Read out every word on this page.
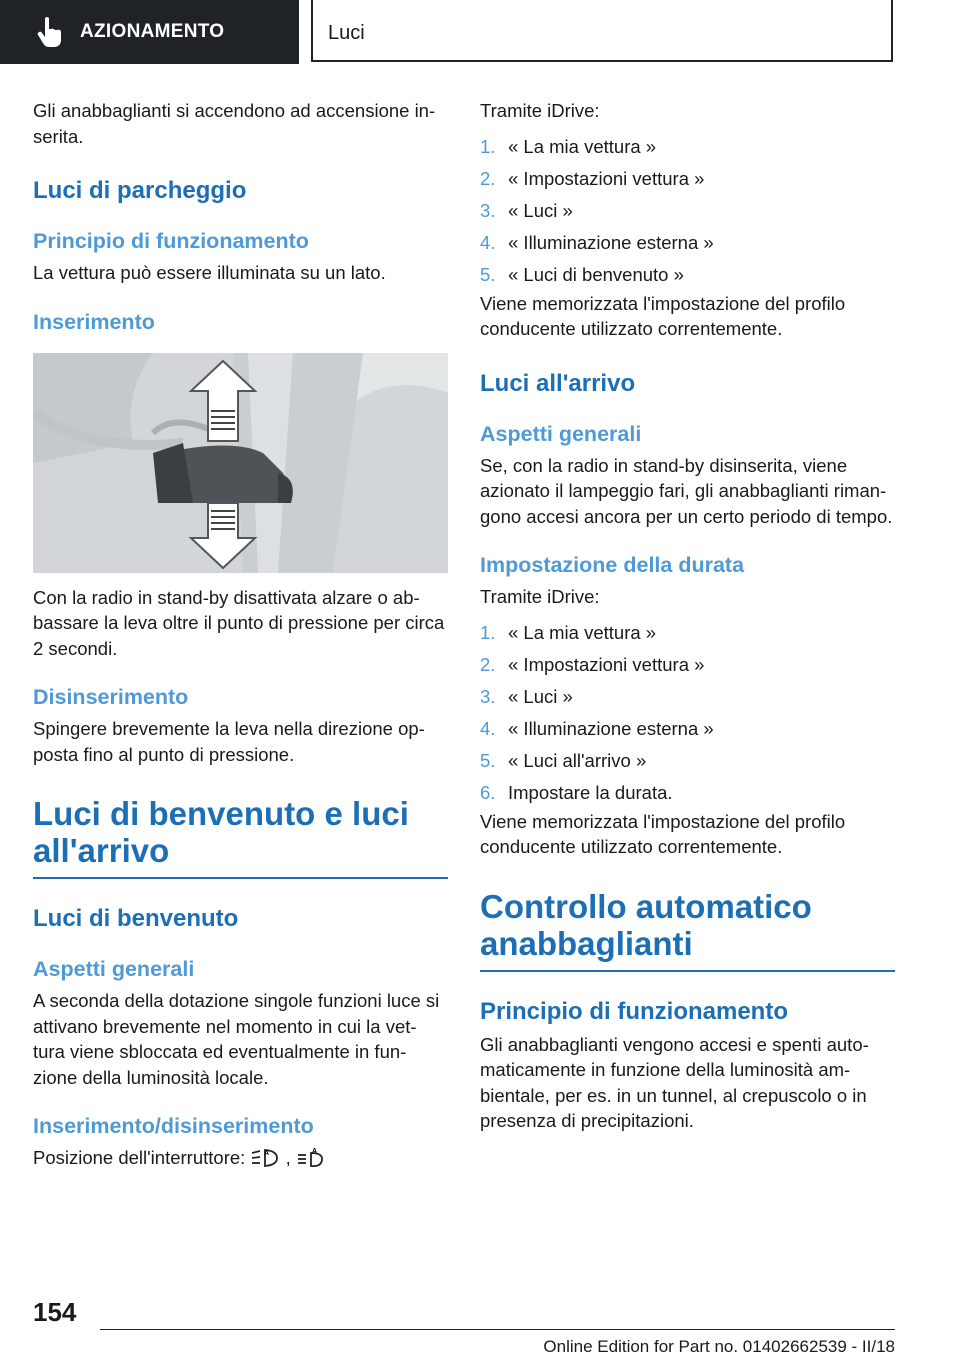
AZIONAMENTO	Luci

Gli anabbaglianti si accendono ad accensione in-serita.

Luci di parcheggio
Principio di funzionamento

La vettura può essere illuminata su un lato.

Inserimento

Con la radio in stand-by disattivata alzare o ab-bassare la leva oltre il punto di pressione per circa 2 secondi.

Disinserimento

Spingere brevemente la leva nella direzione op-posta fino al punto di pressione.

Luci di benvenuto e luci all'arrivo
Luci di benvenuto
Aspetti generali

A seconda della dotazione singole funzioni luce si attivano brevemente nel momento in cui la vet-tura viene sbloccata ed eventualmente in fun-zione della luminosità locale.

Inserimento/disinserimento

Posizione dell'interruttore:	A ,	A

Tramite iDrive:

1. « La mia vettura »
2. « Impostazioni vettura »
3. « Luci »
4. « Illuminazione esterna »
5. « Luci di benvenuto »

Viene memorizzata l'impostazione del profilo conducente utilizzato correntemente.

Luci all'arrivo
Aspetti generali

Se, con la radio in stand-by disinserita, viene azionato il lampeggio fari, gli anabbaglianti riman-gono accesi ancora per un certo periodo di tempo.

Impostazione della durata

Tramite iDrive:

1. « La mia vettura »
2. « Impostazioni vettura »
3. « Luci »
4. « Illuminazione esterna »
5. « Luci all'arrivo »
6. Impostare la durata.

Viene memorizzata l'impostazione del profilo conducente utilizzato correntemente.

Controllo automatico anabbaglianti
Principio di funzionamento

Gli anabbaglianti vengono accesi e spenti auto-maticamente in funzione della luminosità am-bientale, per es. in un tunnel, al crepuscolo o in presenza di precipitazioni.

154
Online Edition for Part no. 01402662539 - II/18
